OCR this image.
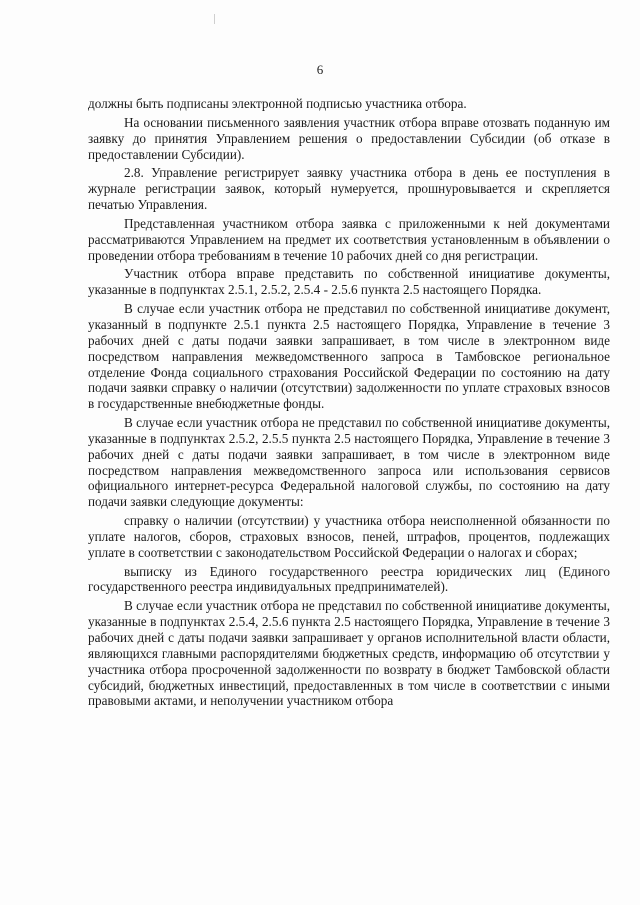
6

должны быть подписаны электронной подписью участника отбора.

На основании письменного заявления участник отбора вправе отозвать поданную им заявку до принятия Управлением решения о предоставлении Субсидии (об отказе в предоставлении Субсидии).

2.8. Управление регистрирует заявку участника отбора в день ее поступления в журнале регистрации заявок, который нумеруется, прошнуровывается и скрепляется печатью Управления.

Представленная участником отбора заявка с приложенными к ней документами рассматриваются Управлением на предмет их соответствия установленным в объявлении о проведении отбора требованиям в течение 10 рабочих дней со дня регистрации.

Участник отбора вправе представить по собственной инициативе документы, указанные в подпунктах 2.5.1, 2.5.2, 2.5.4 - 2.5.6 пункта 2.5 настоящего Порядка.

В случае если участник отбора не представил по собственной инициативе документ, указанный в подпункте 2.5.1 пункта 2.5 настоящего Порядка, Управление в течение 3 рабочих дней с даты подачи заявки запрашивает, в том числе в электронном виде посредством направления межведомственного запроса в Тамбовское региональное отделение Фонда социального страхования Российской Федерации по состоянию на дату подачи заявки справку о наличии (отсутствии) задолженности по уплате страховых взносов в государственные внебюджетные фонды.

В случае если участник отбора не представил по собственной инициативе документы, указанные в подпунктах 2.5.2, 2.5.5 пункта 2.5 настоящего Порядка, Управление в течение 3 рабочих дней с даты подачи заявки запрашивает, в том числе в электронном виде посредством направления межведомственного запроса или использования сервисов официального интернет-ресурса Федеральной налоговой службы, по состоянию на дату подачи заявки следующие документы:

справку о наличии (отсутствии) у участника отбора неисполненной обязанности по уплате налогов, сборов, страховых взносов, пеней, штрафов, процентов, подлежащих уплате в соответствии с законодательством Российской Федерации о налогах и сборах;

выписку из Единого государственного реестра юридических лиц (Единого государственного реестра индивидуальных предпринимателей).

В случае если участник отбора не представил по собственной инициативе документы, указанные в подпунктах 2.5.4, 2.5.6 пункта 2.5 настоящего Порядка, Управление в течение 3 рабочих дней с даты подачи заявки запрашивает у органов исполнительной власти области, являющихся главными распорядителями бюджетных средств, информацию об отсутствии у участника отбора просроченной задолженности по возврату в бюджет Тамбовской области субсидий, бюджетных инвестиций, предоставленных в том числе в соответствии с иными правовыми актами, и неполучении участником отбора
